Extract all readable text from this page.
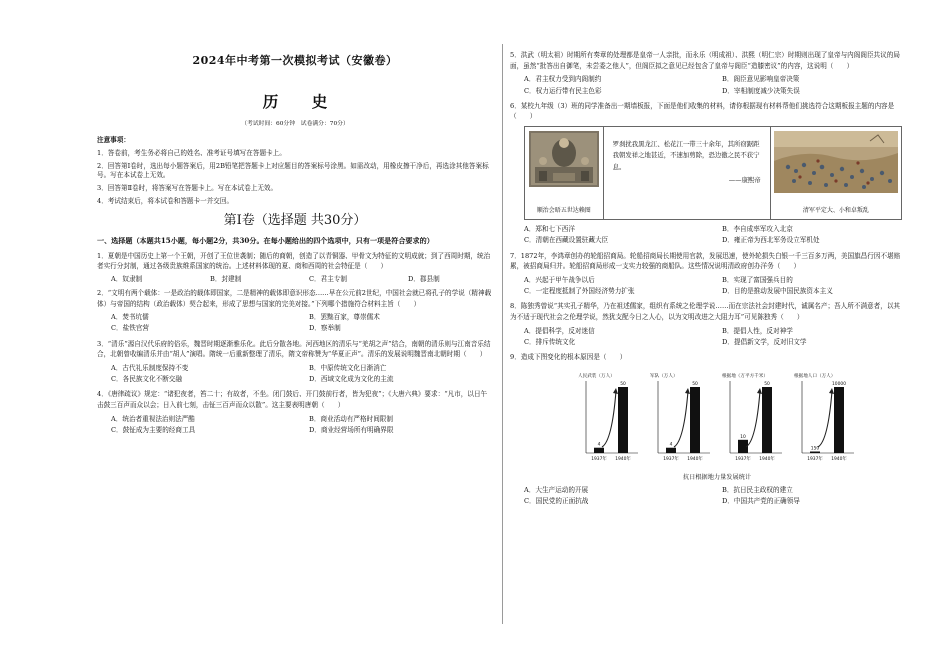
2024年中考第一次模拟考试（安徽卷）
历 史
（考试时间：60分钟　试卷满分：70分）
注意事项：
1．答卷前，考生务必将自己的姓名、准考证号填写在答题卡上。
2．回答第Ⅰ卷时，选出每小题答案后，用2B铅笔把答题卡上对应题目的答案标号涂黑。如需改动，用橡皮擦干净后，再选涂其他答案标号。写在本试卷上无效。
3．回答第Ⅱ卷时，将答案写在答题卡上。写在本试卷上无效。
4．考试结束后，将本试卷和答题卡一并交回。
第Ⅰ卷（选择题 共30分）
一、选择题（本题共15小题，每小题2分，共30分。在每小题给出的四个选项中，只有一项是符合要求的）
1．夏朝是中国历史上第一个王朝，开创了王位世袭制；随后的商朝，创造了以青铜器、甲骨文为特征的文明成就；到了西周时期，统治者实行分封制，通过各级贵族维系国家的统治。上述材料体现的夏、商和西周的社会特征是（　　）
A．奴隶制	B．封建制	C．君主专制	D．郡县制
2．“文明有两个载体：一是政治的载体即国家，二是精神的载体即意识形态……早在公元前2世纪，中国社会就已将孔子的学说（精神载体）与帝国的结构（政治载体）契合起来，形成了思想与国家的完美对接。”下列哪个措施符合材料主旨（　　）
A．焚书坑儒	B．罢黜百家，尊崇儒术
C．盐铁官营	D．察举制
3．“清乐”源自汉代乐府的俗乐，魏晋时期逐渐雅乐化。此后分散各地。河西地区的清乐与“羌胡之声”结合，南朝的清乐则与江南音乐结合，北朝曾收编清乐并由“胡人”演唱。隋统一后重新整理了清乐，隋文帝称赞为“华夏正声”。清乐的发展说明魏晋南北朝时期（　　）
A．古代礼乐制度保持不变	B．中原传统文化日渐消亡
C．各民族文化不断交融	D．西域文化成为文化的主流
4．《唐律疏议》规定：“诸犯夜者，笞二十；有故者，不坐。闭门鼓后、开门鼓前行者，皆为犯夜”；《大唐六典》要求：“凡市，以日午击鼓三百声而众以会；日入前七刻，击钲三百声而众以散”。这主要表明唐朝（　　）
A．统治者重视法治则法严酷	B．商业活动有严格时间限制
C．鼓钲成为主要的经商工具	D．商业经营场所有明确界限
5．洪武（明太祖）时期所有奏章的处理都是皇帝一人亲批，而永乐（明成祖）、洪熙（明仁宗）时期则出现了皇帝与内阁阁臣共议的局面，虽然“批答出自御笔，未尝委之他人”，但阁臣拟之意见已经包含了皇帝与阁臣“造膝密议”的内容，这说明（　　）
A．君主权力受到内阁制约	B．阁臣意见影响皇帝决策
C．权力运行带有民主色彩	D．宰相制度减少决策失误
6．某校九年级（3）班的同学准备出一期墙板报，下面是他们收集的材料，请你根据现有材料帮他们挑选符合这期板报主题的内容是（　　）
顺治会晤五世达赖图
罗刹扰我黑龙江、松花江一带三十余年，其所窃踞距我朝发祥之地甚近，不速加剪除，恐边徼之民不获宁息。
——康熙帝
清军平定大、小和卓叛乱
A．郑和七下西洋	B．李自成率军攻入北京
C．清朝在西藏设置驻藏大臣	D．雍正帝为西北军务设立军机处
7．1872年，李鸿章创办的轮船招商局。轮船招商局长期使用官款，发展迅速，使外轮损失白银一千三百多万两，美国旗昌行因不堪赔累，被招商局归并。轮船招商局形成一支实力较强的商船队。这些情况说明清政府创办洋务（　　）
A．兴起于甲午战争以后	B．实现了富国强兵目的
C．一定程度抵制了外国经济势力扩张	D．目的是推动发展中国民族资本主义
8．陈独秀曾说“其实孔子精华，乃在祖述儒家，组织有系统之伦理学说……而在宗法社会封建时代，诚属名产；吾人所不满意者，以其为不适于现代社会之伦理学说，然犹支配今日之人心，以为文明改进之大阻力耳”可见陈独秀（　　）
A．提倡科学，反对迷信	B．提倡人性，反对神学
C．排斥传统文化	D．提倡新文学，反对旧文学
9．造成下图变化的根本原因是（　　）
人民武装（万人）
4
1937年
50
1940年
军队（万人）
4
1937年
50
1940年
根据地（万平方千米）
10
1937年
50
1940年
根据地人口（万人）
150
1937年
10000
1940年
抗日根据地力量发展统计
A．大生产运动的开展	B．抗日民主政权的建立
C．国民党的正面抗战	D．中国共产党的正确领导
